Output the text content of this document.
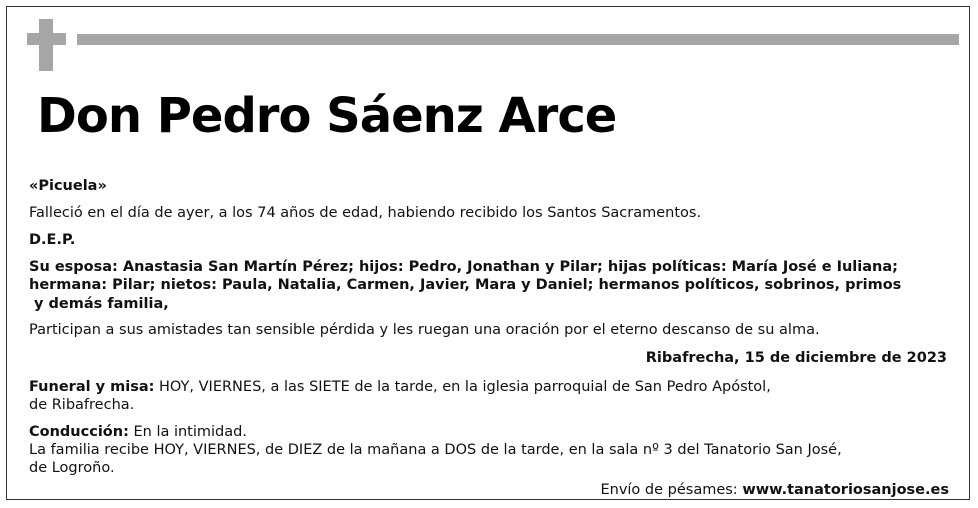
Don Pedro Sáenz Arce
«Picuela»
Falleció en el día de ayer, a los 74 años de edad, habiendo recibido los Santos Sacramentos.
D.E.P.
Su esposa: Anastasia San Martín Pérez; hijos: Pedro, Jonathan y Pilar; hijas políticas: María José e Iuliana;
hermana: Pilar; nietos: Paula, Natalia, Carmen, Javier, Mara y Daniel; hermanos políticos, sobrinos, primos
y demás familia,
Participan a sus amistades tan sensible pérdida y les ruegan una oración por el eterno descanso de su alma.
Ribafrecha, 15 de diciembre de 2023
Funeral y misa: HOY, VIERNES, a las SIETE de la tarde, en la iglesia parroquial de San Pedro Apóstol,
de Ribafrecha.
Conducción: En la intimidad.
La familia recibe HOY, VIERNES, de DIEZ de la mañana a DOS de la tarde, en la sala nº 3 del Tanatorio San José,
de Logroño.
Envío de pésames: www.tanatoriosanjose.es
